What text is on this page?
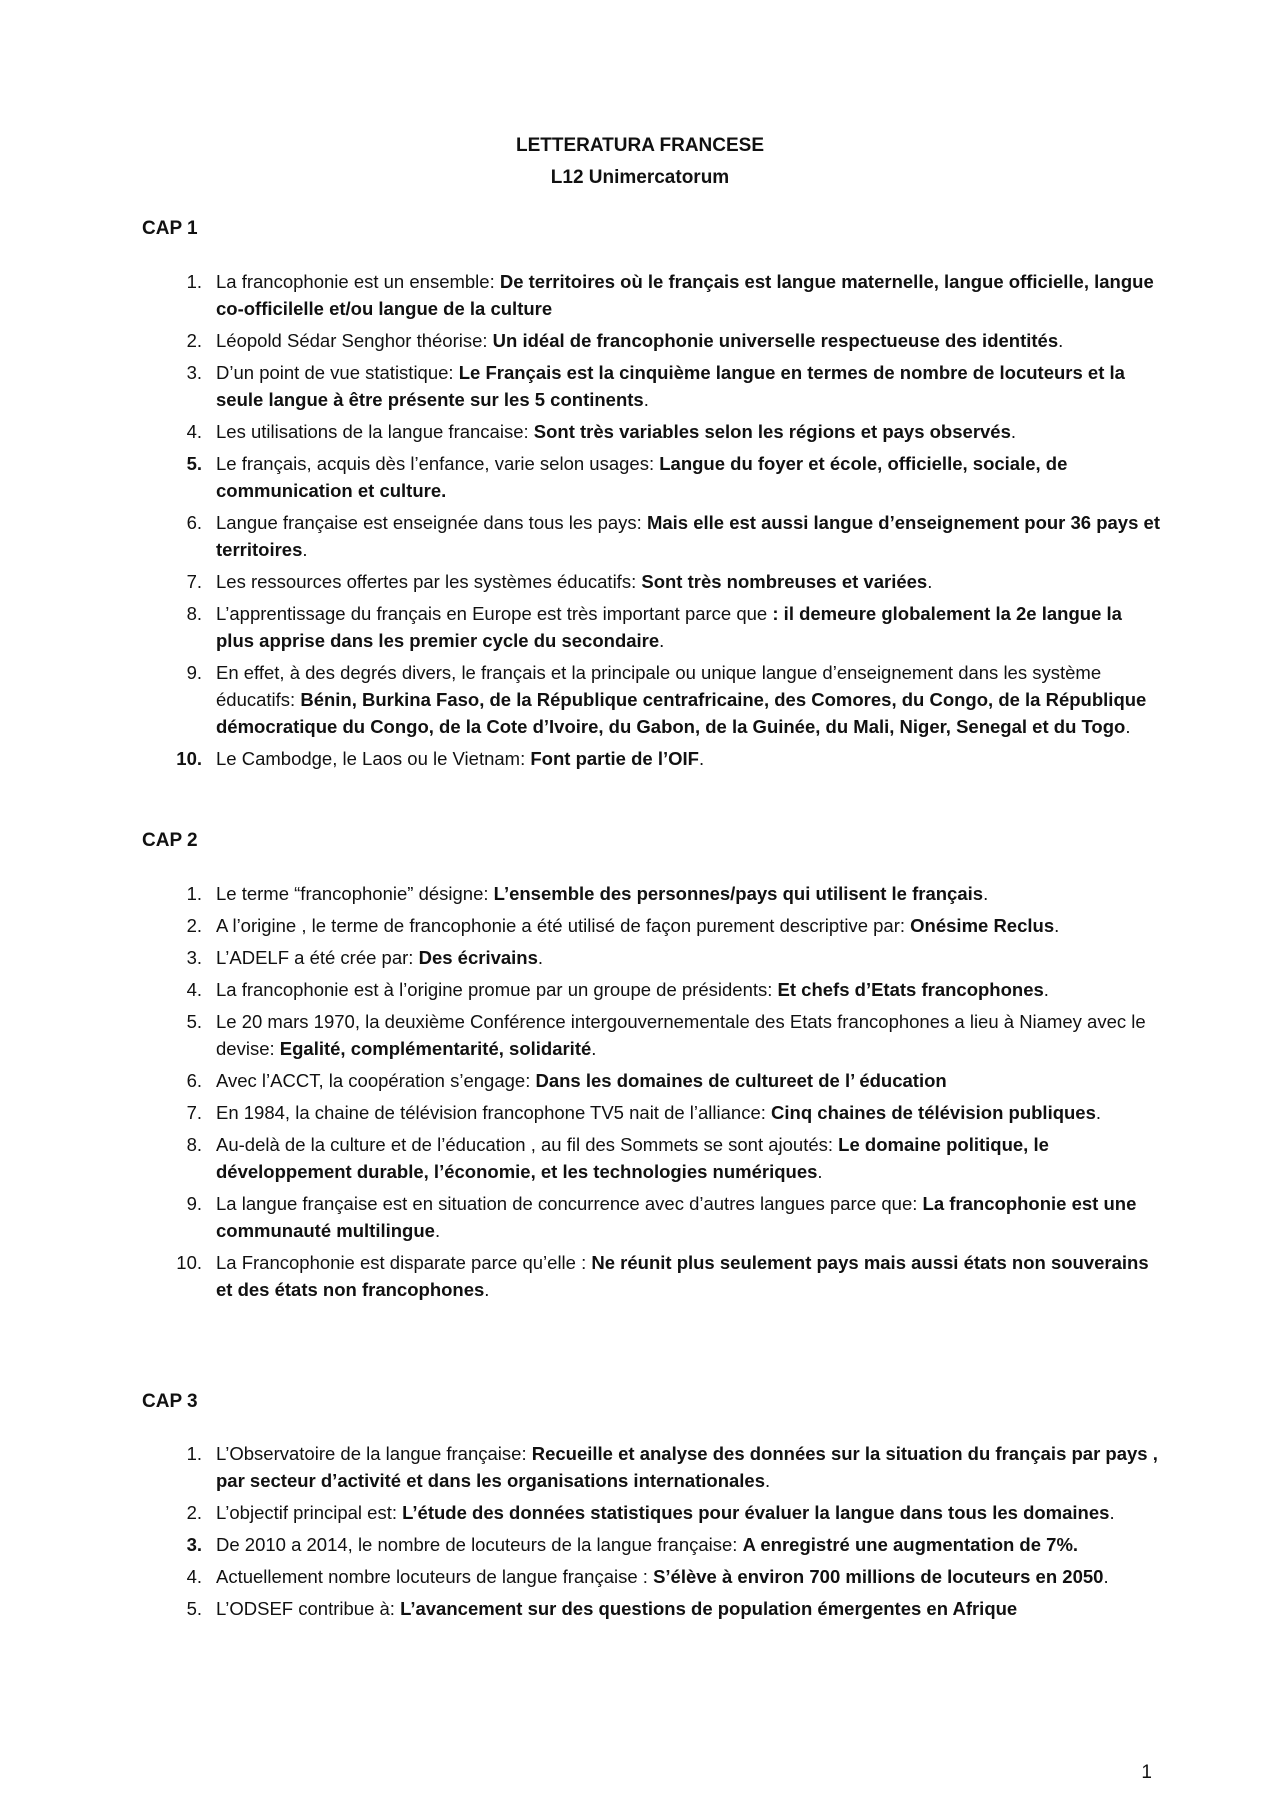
LETTERATURA FRANCESE
L12 Unimercatorum
CAP 1
1. La francophonie est un ensemble: De territoires où le français est langue maternelle, langue officielle, langue co-officilelle et/ou langue de la culture
2. Léopold Sédar Senghor théorise: Un idéal de francophonie universelle respectueuse des identités.
3. D’un point de vue statistique: Le Français est la cinquième langue en termes de nombre de locuteurs et la seule langue à être présente sur les 5 continents.
4. Les utilisations de la langue francaise: Sont très variables selon les régions et pays observés.
5. Le français, acquis dès l’enfance, varie selon usages: Langue du foyer et école, officielle, sociale, de communication et culture.
6. Langue française est enseignée dans tous les pays: Mais elle est aussi langue d’enseignement pour 36 pays et territoires.
7. Les ressources offertes par les systèmes éducatifs: Sont très nombreuses et variées.
8. L’apprentissage du français en Europe est très important parce que : il demeure globalement la 2e langue la plus apprise dans les premier cycle du secondaire.
9. En effet, à des degrés divers, le français et la principale ou unique langue d’enseignement dans les système éducatifs: Bénin, Burkina Faso, de la République centrafricaine, des Comores, du Congo, de la République démocratique du Congo, de la Cote d’Ivoire, du Gabon, de la Guinée, du Mali, Niger, Senegal et du Togo.
10. Le Cambodge, le Laos ou le Vietnam: Font partie de l’OIF.
CAP 2
1. Le terme “francophonie” désigne: L’ensemble des personnes/pays qui utilisent le français.
2. A l’origine , le terme de francophonie a été utilisé de façon purement descriptive par: Onésime Reclus.
3. L’ADELF a été crée par: Des écrivains.
4. La francophonie est à l’origine promue par un groupe de présidents: Et chefs d’Etats francophones.
5. Le 20 mars 1970, la deuxième Conférence intergouvernementale des Etats francophones a lieu à Niamey avec le devise: Egalité, complémentarité, solidarité.
6. Avec l’ACCT, la coopération s’engage: Dans les domaines de cultureet de l’ éducation
7. En 1984, la chaine de télévision francophone TV5 nait de l’alliance: Cinq chaines de télévision publiques.
8. Au-delà de la culture et de l’éducation , au fil des Sommets se sont ajoutés: Le domaine politique, le développement durable, l’économie, et les technologies numériques.
9. La langue française est en situation de concurrence avec d’autres langues parce que: La francophonie est une communauté multilingue.
10. La Francophonie est disparate parce qu’elle : Ne réunit plus seulement pays mais aussi états non souverains et des états non francophones.
CAP 3
1. L’Observatoire de la langue française: Recueille et analyse des données sur la situation du français par pays , par secteur d’activité et dans les organisations internationales.
2. L’objectif principal est: L’étude des données statistiques pour évaluer la langue dans tous les domaines.
3. De 2010 a 2014, le nombre de locuteurs de la langue française: A enregistré une augmentation de 7%.
4. Actuellement nombre locuteurs de langue française : S’élève à environ 700 millions de locuteurs en 2050.
5. L’ODSEF contribue à: L’avancement sur des questions de population émergentes en Afrique
1
